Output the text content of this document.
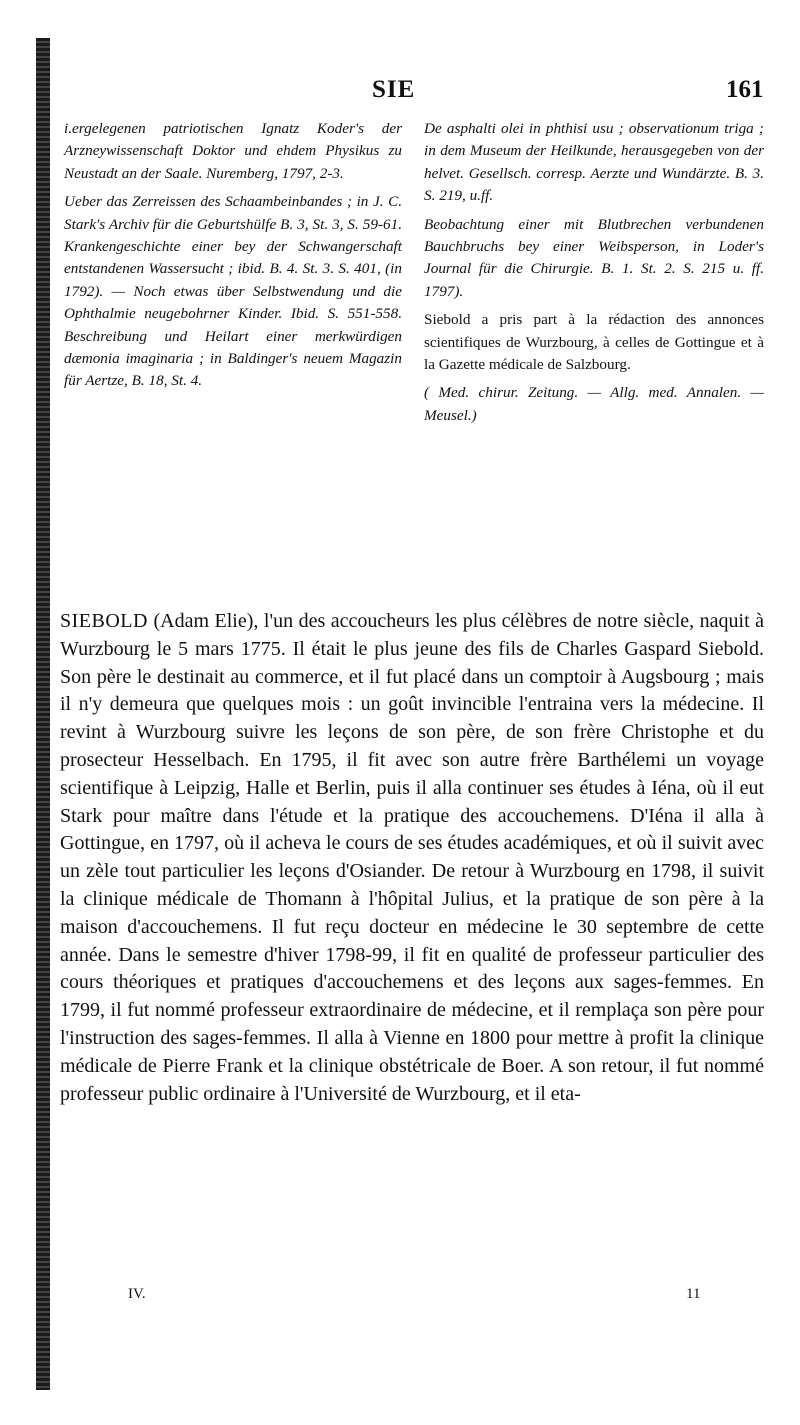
SIE	161

i.ergelegenen patriotischen Ignatz Koder's der Arzneywissenschaft Doktor und ehdem Physikus zu Neustadt an der Saale. Nuremberg, 1797, 2-3.

Ueber das Zerreissen des Schaambeinbandes ; in J. C. Stark's Archiv für die Geburtshülfe B. 3, St. 3, S. 59-61. Krankengeschichte einer bey der Schwangerschaft entstandenen Wassersucht ; ibid. B. 4. St. 3. S. 401, (in 1792). — Noch etwas über Selbstwendung und die Ophthalmie neugebohrner Kinder. Ibid. S. 551-558. Beschreibung und Heilart einer merkwürdigen dæmonia imaginaria ; in Baldinger's neuem Magazin für Aertze, B. 18, St. 4.

De asphalti olei in phthisi usu ; observationum triga ; in dem Museum der Heilkunde, herausgegeben von der helvet. Gesellsch. corresp. Aerzte und Wundärzte. B. 3. S. 219, u.ff.

Beobachtung einer mit Blutbrechen verbundenen Bauchbruchs bey einer Weibsperson, in Loder's Journal für die Chirurgie. B. 1. St. 2. S. 215 u. ff. 1797).

Siebold a pris part à la rédaction des annonces scientifiques de Wurzbourg, à celles de Gottingue et à la Gazette médicale de Salzbourg.

( Med. chirur. Zeitung. — Allg. med. Annalen. — Meusel.)

SIEBOLD (Adam Elie), l'un des accoucheurs les plus célèbres de notre siècle, naquit à Wurzbourg le 5 mars 1775. Il était le plus jeune des fils de Charles Gaspard Siebold. Son père le destinait au commerce, et il fut placé dans un comptoir à Augsbourg ; mais il n'y demeura que quelques mois : un goût invincible l'entraina vers la médecine. Il revint à Wurzbourg suivre les leçons de son père, de son frère Christophe et du prosecteur Hesselbach. En 1795, il fit avec son autre frère Barthélemi un voyage scientifique à Leipzig, Halle et Berlin, puis il alla continuer ses études à Iéna, où il eut Stark pour maître dans l'étude et la pratique des accouchemens. D'Iéna il alla à Gottingue, en 1797, où il acheva le cours de ses études académiques, et où il suivit avec un zèle tout particulier les leçons d'Osiander. De retour à Wurzbourg en 1798, il suivit la clinique médicale de Thomann à l'hôpital Julius, et la pratique de son père à la maison d'accouchemens. Il fut reçu docteur en médecine le 30 septembre de cette année. Dans le semestre d'hiver 1798-99, il fit en qualité de professeur particulier des cours théoriques et pratiques d'accouchemens et des leçons aux sages-femmes. En 1799, il fut nommé professeur extraordinaire de médecine, et il remplaça son père pour l'instruction des sages-femmes. Il alla à Vienne en 1800 pour mettre à profit la clinique médicale de Pierre Frank et la clinique obstétricale de Boer. A son retour, il fut nommé professeur public ordinaire à l'Université de Wurzbourg, et il eta-

IV.	11
